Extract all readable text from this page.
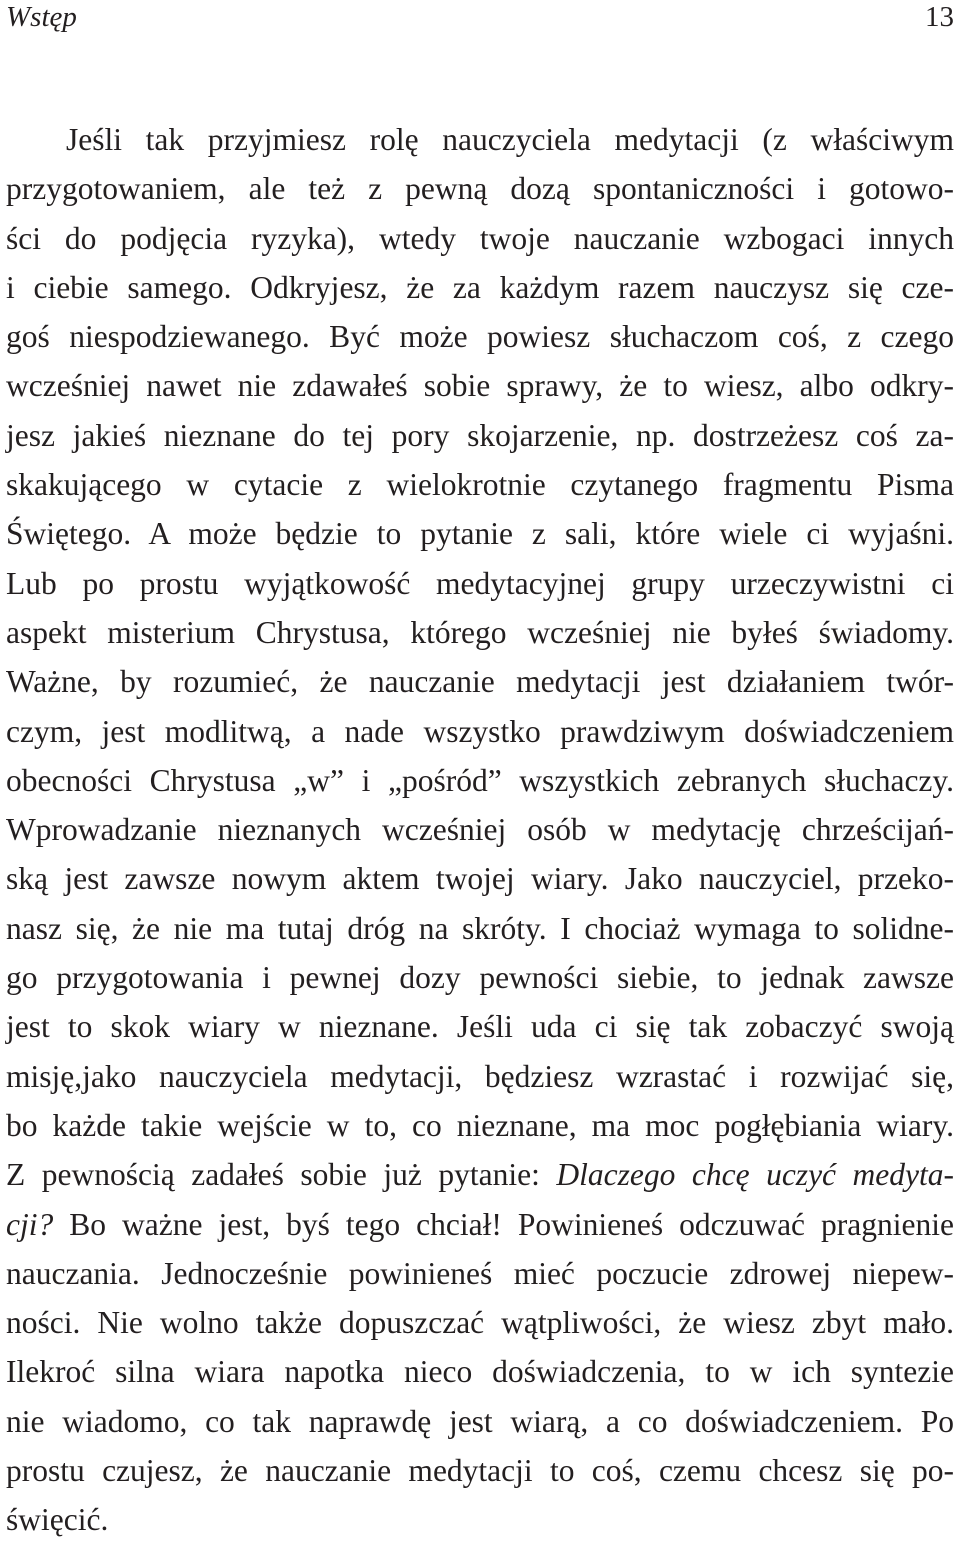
Wstęp	13
Jeśli tak przyjmiesz rolę nauczyciela medytacji (z właściwym
przygotowaniem, ale też z pewną dozą spontaniczności i gotowo-
ści do podjęcia ryzyka), wtedy twoje nauczanie wzbogaci innych
i ciebie samego. Odkryjesz, że za każdym razem nauczysz się cze-
goś niespodziewanego. Być może powiesz słuchaczom coś, z czego
wcześniej nawet nie zdawałeś sobie sprawy, że to wiesz, albo odkry-
jesz jakieś nieznane do tej pory skojarzenie, np. dostrzeżesz coś za-
skakującego w cytacie z wielokrotnie czytanego fragmentu Pisma
Świętego. A może będzie to pytanie z sali, które wiele ci wyjaśni.
Lub po prostu wyjątkowość medytacyjnej grupy urzeczywistni ci
aspekt misterium Chrystusa, którego wcześniej nie byłeś świadomy.
Ważne, by rozumieć, że nauczanie medytacji jest działaniem twór-
czym, jest modlitwą, a nade wszystko prawdziwym doświadczeniem
obecności Chrystusa „w” i „pośród” wszystkich zebranych słuchaczy.
Wprowadzanie nieznanych wcześniej osób w medytację chrześcijań-
ską jest zawsze nowym aktem twojej wiary. Jako nauczyciel, przeko-
nasz się, że nie ma tutaj dróg na skróty. I chociaż wymaga to solidne-
go przygotowania i pewnej dozy pewności siebie, to jednak zawsze
jest to skok wiary w nieznane. Jeśli uda ci się tak zobaczyć swoją
misję,jako nauczyciela medytacji, będziesz wzrastać i rozwijać się,
bo każde takie wejście w to, co nieznane, ma moc pogłębiania wiary.
Z pewnością zadałeś sobie już pytanie: Dlaczego chcę uczyć medyta-
cji? Bo ważne jest, byś tego chciał! Powinieneś odczuwać pragnienie
nauczania. Jednocześnie powinieneś mieć poczucie zdrowej niepew-
ności. Nie wolno także dopuszczać wątpliwości, że wiesz zbyt mało.
Ilekroć silna wiara napotka nieco doświadczenia, to w ich syntezie
nie wiadomo, co tak naprawdę jest wiarą, a co doświadczeniem. Po
prostu czujesz, że nauczanie medytacji to coś, czemu chcesz się po-
święcić.
